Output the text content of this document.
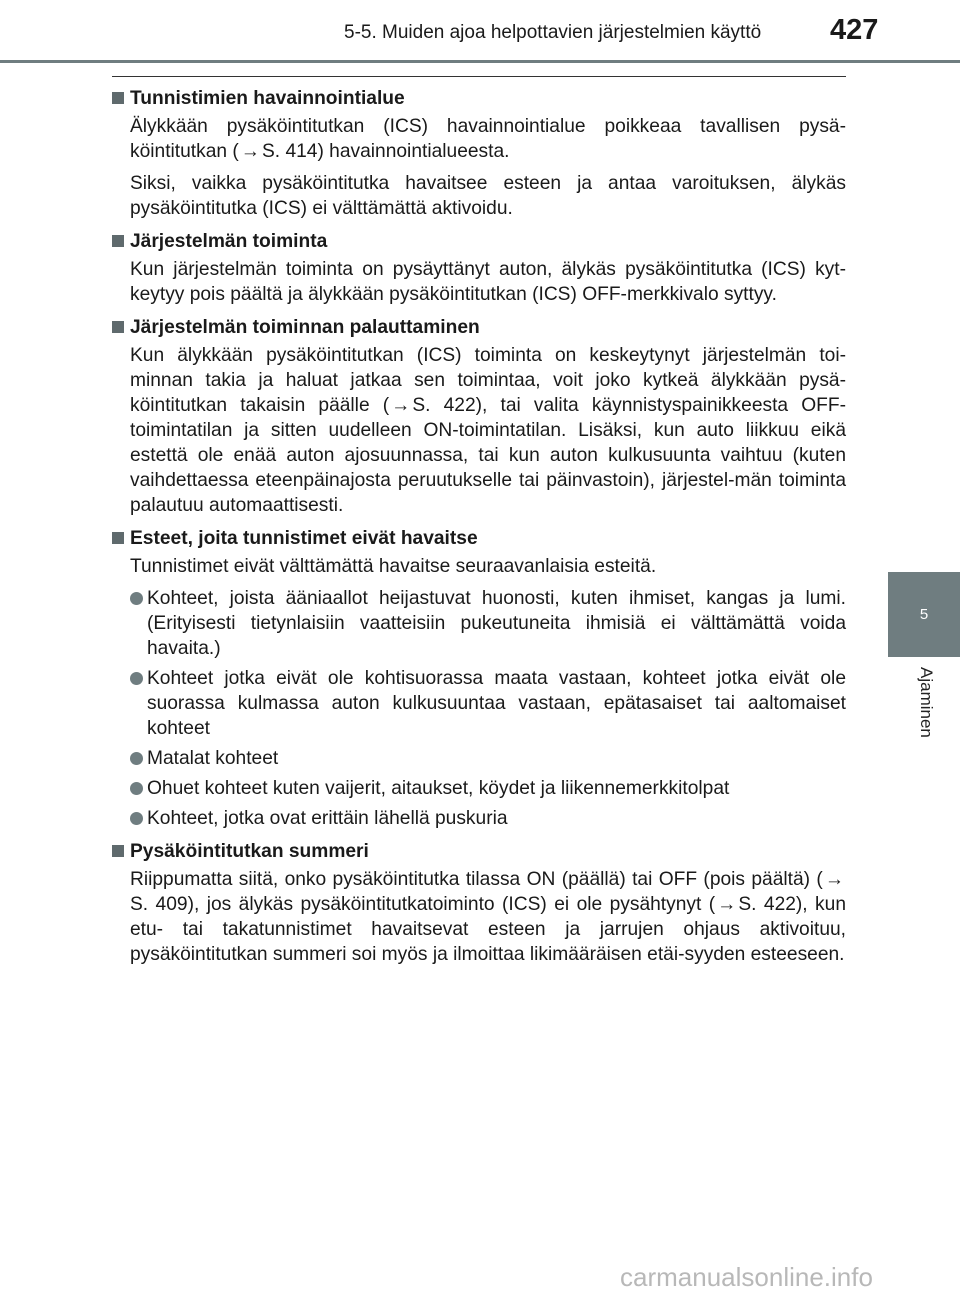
5-5. Muiden ajoa helpottavien järjestelmien käyttö 427
5
Ajaminen
Tunnistimien havainnointialue
Älykkään pysäköintitutkan (ICS) havainnointialue poikkeaa tavallisen pysä-köintitutkan ( → S. 414) havainnointialueesta.
Siksi, vaikka pysäköintitutka havaitsee esteen ja antaa varoituksen, älykäs pysäköintitutka (ICS) ei välttämättä aktivoidu.
Järjestelmän toiminta
Kun järjestelmän toiminta on pysäyttänyt auton, älykäs pysäköintitutka (ICS) kyt-keytyy pois päältä ja älykkään pysäköintitutkan (ICS) OFF-merkkivalo syttyy.
Järjestelmän toiminnan palauttaminen
Kun älykkään pysäköintitutkan (ICS) toiminta on keskeytynyt järjestelmän toi-minnan takia ja haluat jatkaa sen toimintaa, voit joko kytkeä älykkään pysä-köintitutkan takaisin päälle ( → S. 422), tai valita käynnistyspainikkeesta OFF-toimintatilan ja sitten uudelleen ON-toimintatilan. Lisäksi, kun auto liikkuu eikä estettä ole enää auton ajosuunnassa, tai kun auton kulkusuunta vaihtuu (kuten vaihdettaessa eteenpäinajosta peruutukselle tai päinvastoin), järjestel-män toiminta palautuu automaattisesti.
Esteet, joita tunnistimet eivät havaitse
Tunnistimet eivät välttämättä havaitse seuraavanlaisia esteitä.
Kohteet, joista ääniaallot heijastuvat huonosti, kuten ihmiset, kangas ja lumi. (Erityisesti tietynlaisiin vaatteisiin pukeutuneita ihmisiä ei välttämättä voida havaita.)
Kohteet jotka eivät ole kohtisuorassa maata vastaan, kohteet jotka eivät ole suorassa kulmassa auton kulkusuuntaa vastaan, epätasaiset tai aaltomaiset kohteet
Matalat kohteet
Ohuet kohteet kuten vaijerit, aitaukset, köydet ja liikennemerkkitolpat
Kohteet, jotka ovat erittäin lähellä puskuria
Pysäköintitutkan summeri
Riippumatta siitä, onko pysäköintitutka tilassa ON (päällä) tai OFF (pois päältä) ( →S. 409), jos älykäs pysäköintitutkatoiminto (ICS) ei ole pysähtynyt ( → S. 422), kun etu- tai takatunnistimet havaitsevat esteen ja jarrujen ohjaus aktivoituu, pysäköintitutkan summeri soi myös ja ilmoittaa likimääräisen etäi-syyden esteeseen.
carmanualsonline.info
